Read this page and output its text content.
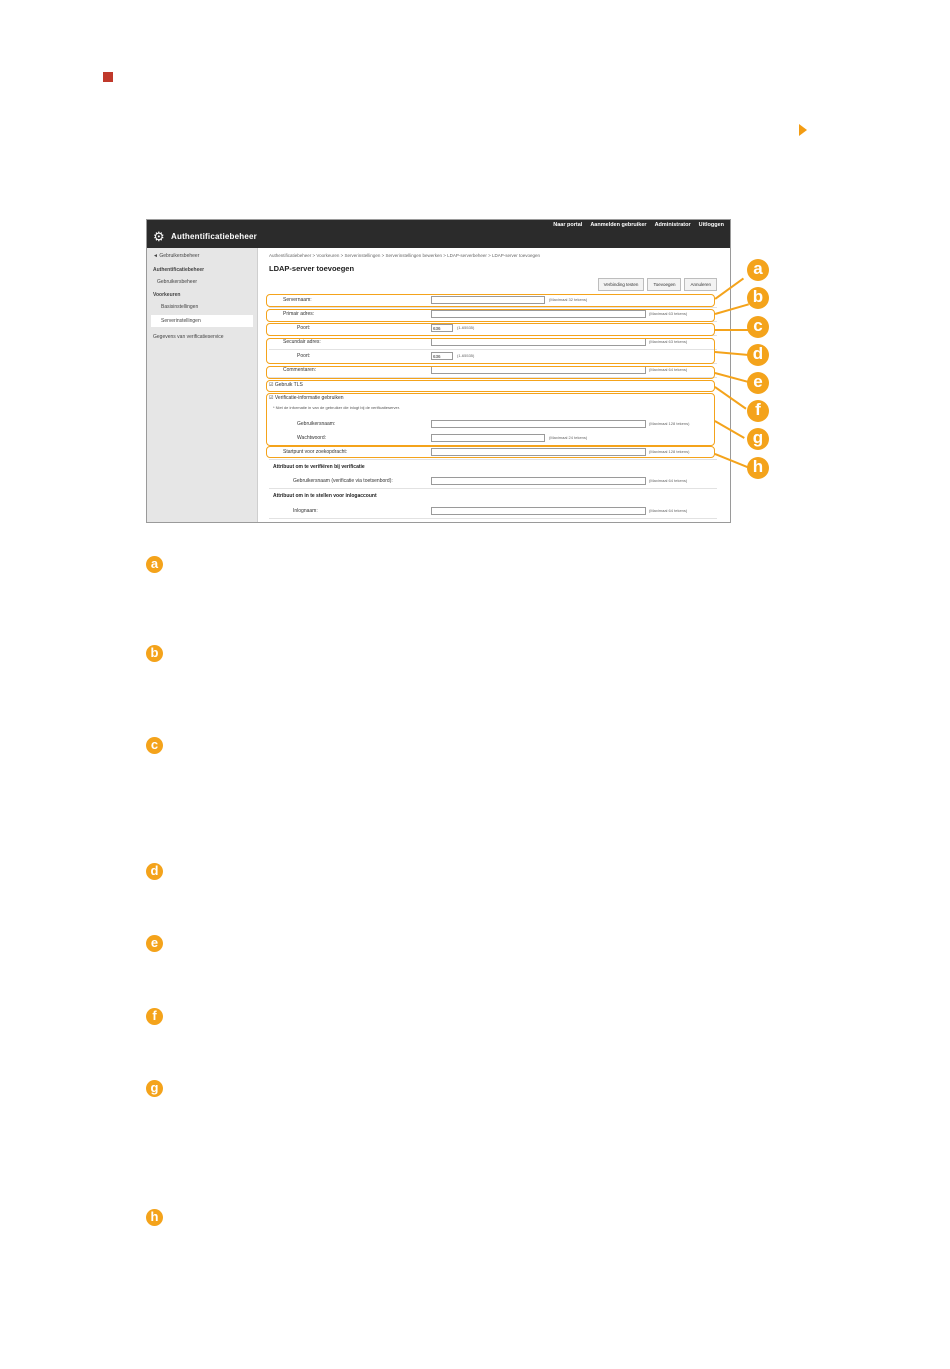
⚙ Authentificatiebeheer
Naar portal Aanmelden gebruiker Administrator Uitloggen
◄ Gebruikersbeheer
Authentificatiebeheer
Gebruikersbeheer
Voorkeuren
Basisinstellingen
Serverinstellingen
Gegevens van verificatieservice
Authentificatiebeheer > Voorkeuren > Serverinstellingen > Serverinstellingen bewerken > LDAP-serverbeheer > LDAP-server toevoegen
LDAP-server toevoegen
Verbinding testen	Toevoegen	Annuleren
Servernaam:	(Maximaal 32 tekens)
Primair adres:	(Maximaal 63 tekens)
Poort:	636	(1-65535)
Secundair adres:	(Maximaal 63 tekens)
Poort:	636	(1-65535)
Commentaren:	(Maximaal 64 tekens)
☑ Gebruik TLS
☑ Verificatie-informatie gebruiken
* Niet de informatie in van de gebruiker die inlogt bij de verificatieserver.
Gebruikersnaam:	(Maximaal 128 tekens)
Wachtwoord:	(Maximaal 24 tekens)
Startpunt voor zoekopdracht:	(Maximaal 128 tekens)
Attribuut om te verifiëren bij verificatie
Gebruikersnaam (verificatie via toetsenbord):	(Maximaal 64 tekens)
Attribuut om in te stellen voor inlogaccount
Inlognaam:	(Maximaal 64 tekens)
a
b
c
d
e
f
g
h
a
b
c
d
e
f
g
h
